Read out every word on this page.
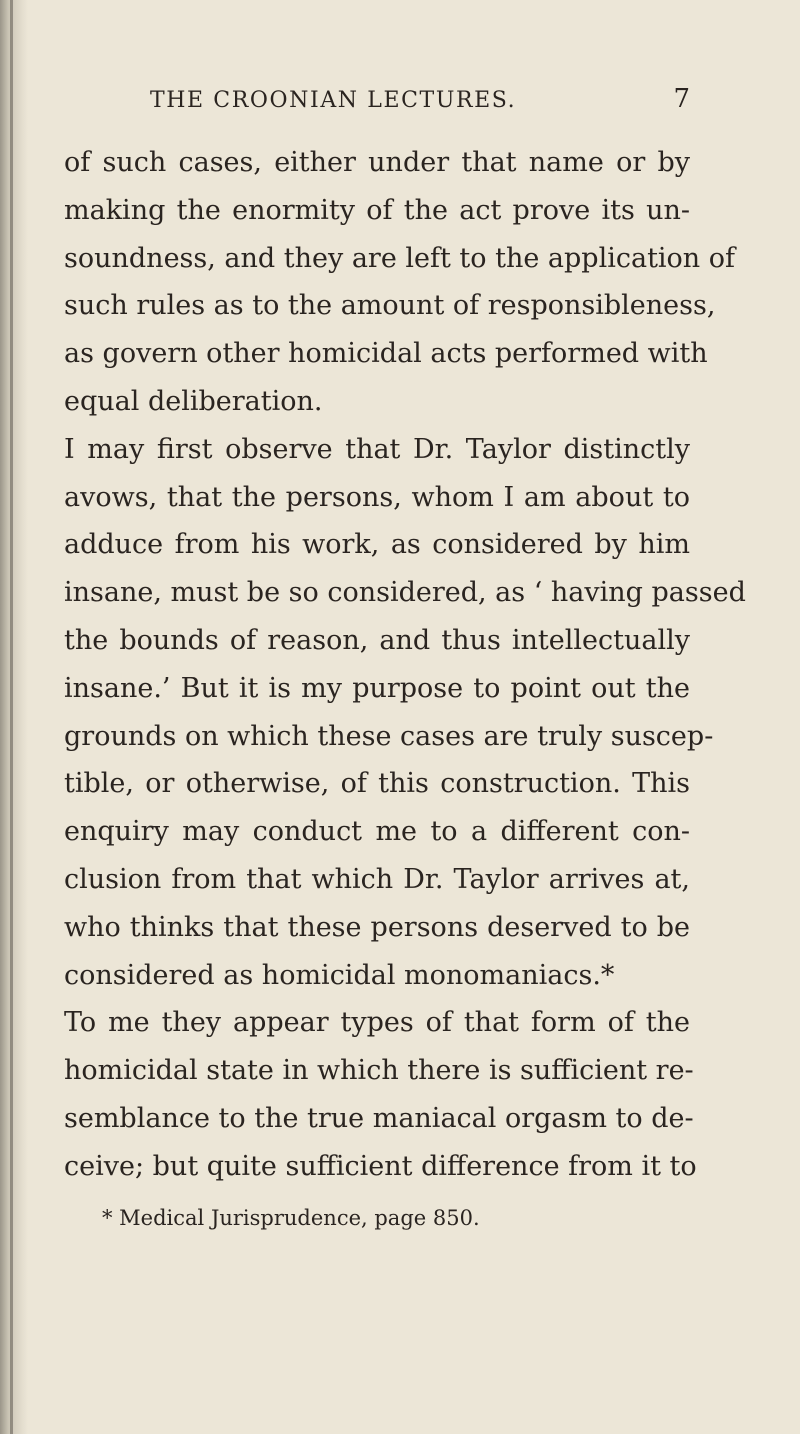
THE CROONIAN LECTURES.	7
of such cases, either under that name or by
making the enormity of the act prove its un-
soundness, and they are left to the application of
such rules as to the amount of responsibleness,
as govern other homicidal acts performed with
equal deliberation.
I may first observe that Dr. Taylor distinctly
avows, that the persons, whom I am about to
adduce from his work, as considered by him
insane, must be so considered, as ‘ having passed
the bounds of reason, and thus intellectually
insane.’ But it is my purpose to point out the
grounds on which these cases are truly suscep-
tible, or otherwise, of this construction. This
enquiry may conduct me to a different con-
clusion from that which Dr. Taylor arrives at,
who thinks that these persons deserved to be
considered as homicidal monomaniacs.*
To me they appear types of that form of the
homicidal state in which there is sufficient re-
semblance to the true maniacal orgasm to de-
ceive; but quite sufficient difference from it to
* Medical Jurisprudence, page 850.
